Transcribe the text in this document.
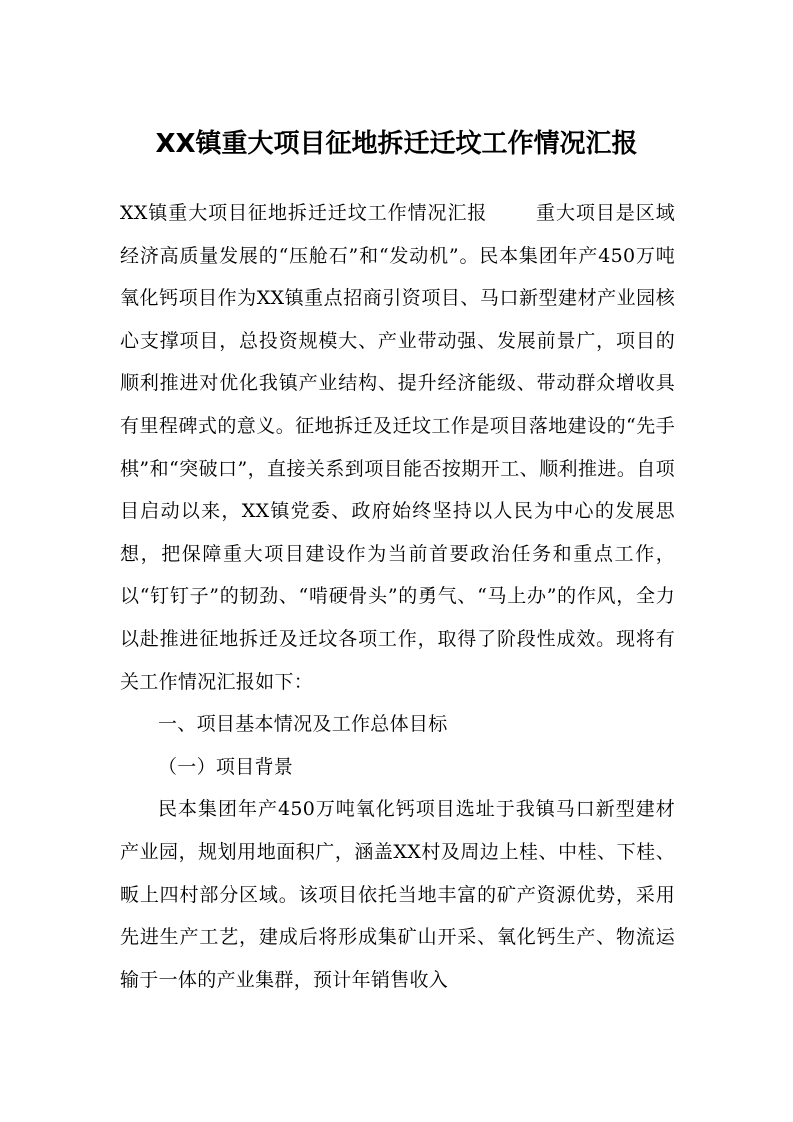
XX镇重大项目征地拆迁迁坟工作情况汇报

XX镇重大项目征地拆迁迁坟工作情况汇报	重大项目是区域经济高质量发展的“压舱石”和“发动机”。民本集团年产450万吨氧化钙项目作为XX镇重点招商引资项目、马口新型建材产业园核心支撑项目，总投资规模大、产业带动强、发展前景广，项目的顺利推进对优化我镇产业结构、提升经济能级、带动群众增收具有里程碑式的意义。征地拆迁及迁坟工作是项目落地建设的“先手棋”和“突破口”，直接关系到项目能否按期开工、顺利推进。自项目启动以来，XX镇党委、政府始终坚持以人民为中心的发展思想，把保障重大项目建设作为当前首要政治任务和重点工作，以“钉钉子”的韧劲、“啃硬骨头”的勇气、“马上办”的作风，全力以赴推进征地拆迁及迁坟各项工作，取得了阶段性成效。现将有关工作情况汇报如下：

一、项目基本情况及工作总体目标

（一）项目背景

民本集团年产450万吨氧化钙项目选址于我镇马口新型建材产业园，规划用地面积广，涵盖XX村及周边上桂、中桂、下桂、畈上四村部分区域。该项目依托当地丰富的矿产资源优势，采用先进生产工艺，建成后将形成集矿山开采、氧化钙生产、物流运输于一体的产业集群，预计年销售收入
